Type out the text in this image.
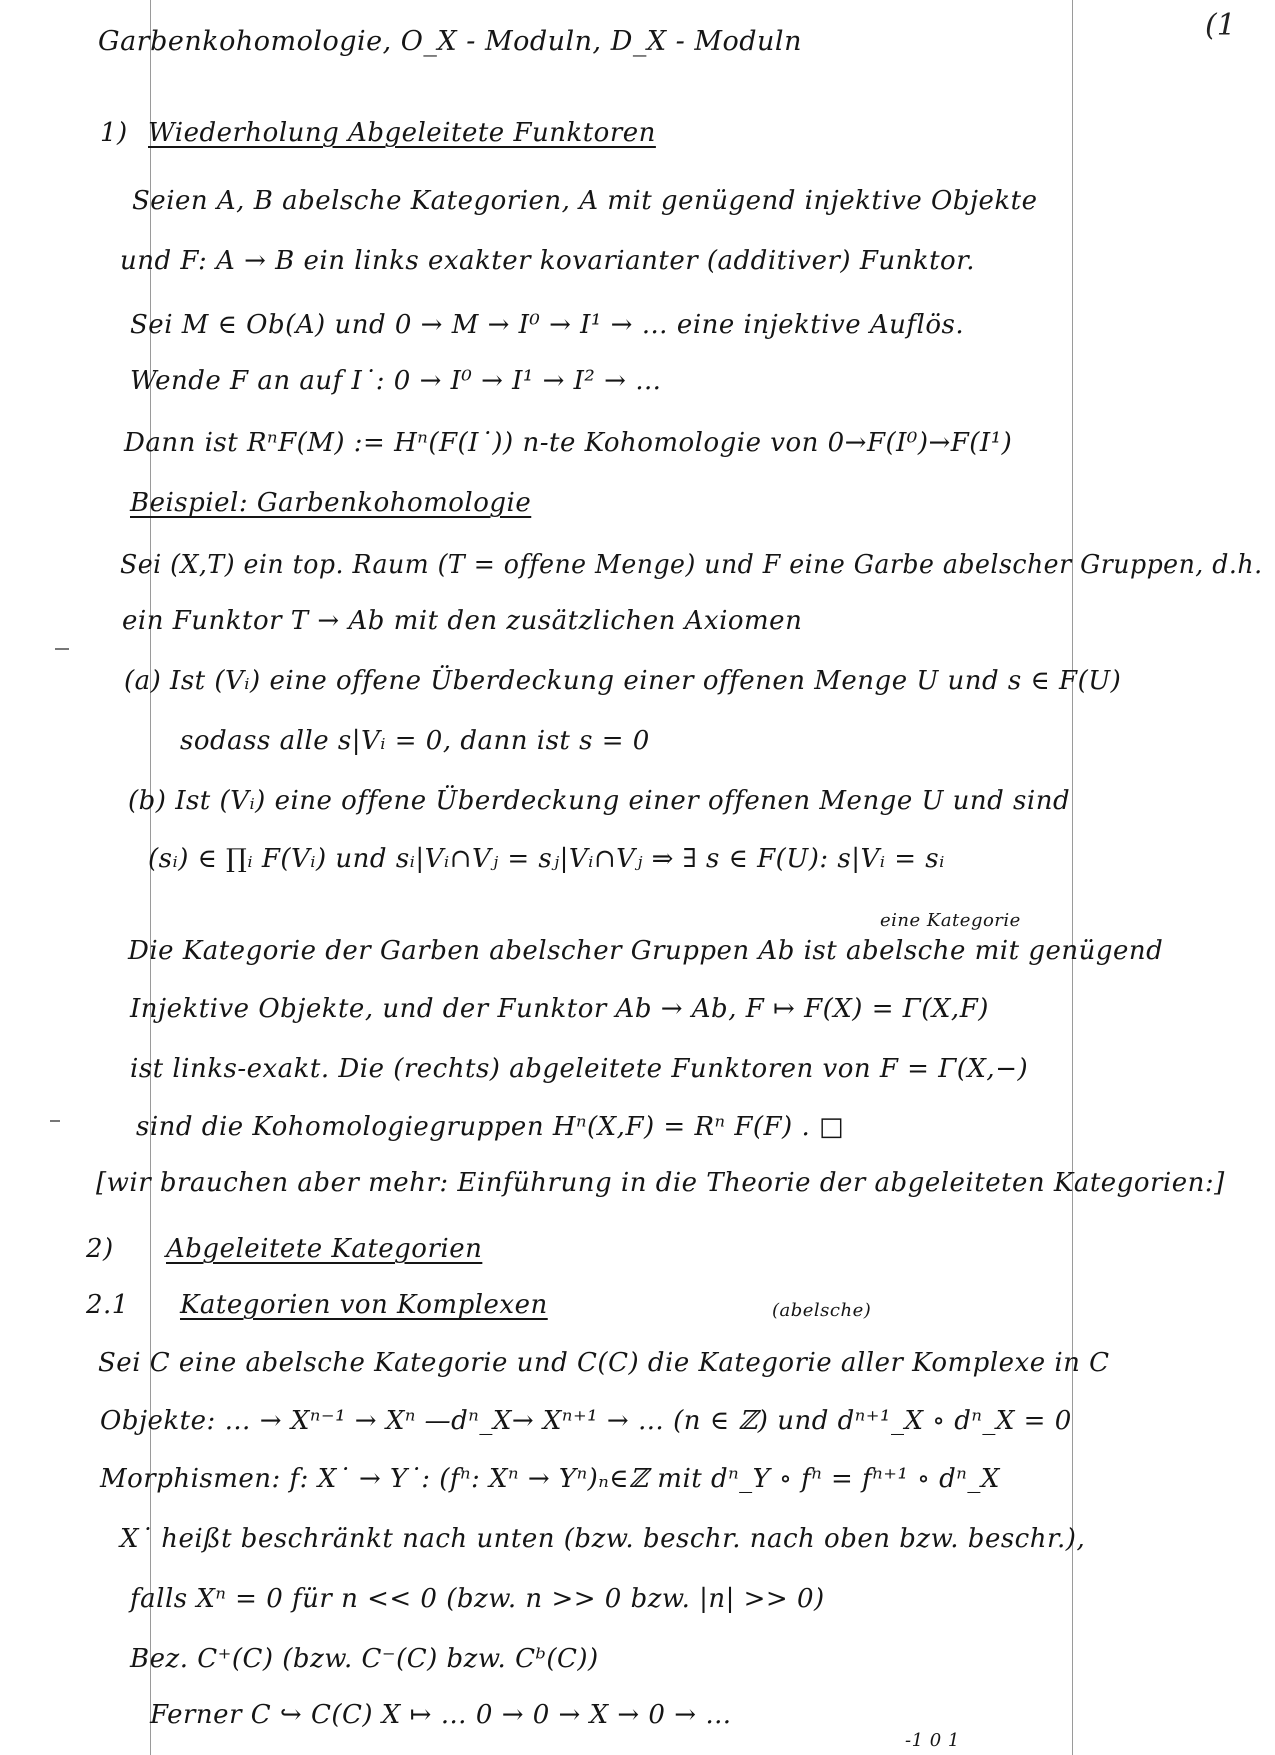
(1
Garbenkohomologie, O_X - Moduln, D_X - Moduln
1) Wiederholung Abgeleitete Funktoren
Seien A, B abelsche Kategorien, A mit genügend injektive Objekte
und F: A → B ein links exakter kovarianter (additiver) Funktor.
Sei M ∈ Ob(A) und 0 → M → I⁰ → I¹ → … eine injektive Auflös.
Wende F an auf I˙: 0 → I⁰ → I¹ → I² → …
Dann ist RⁿF(M) := Hⁿ(F(I˙)) n-te Kohomologie von 0→F(I⁰)→F(I¹)
Beispiel: Garbenkohomologie
Sei (X,T) ein top. Raum (T = offene Menge) und F eine Garbe abelscher Gruppen, d.h.
ein Funktor T → Ab mit den zusätzlichen Axiomen
(a) Ist (Vᵢ) eine offene Überdeckung einer offenen Menge U und s ∈ F(U)
sodass alle s|Vᵢ = 0, dann ist s = 0
(b) Ist (Vᵢ) eine offene Überdeckung einer offenen Menge U und sind
(sᵢ) ∈ ∏ᵢ F(Vᵢ) und sᵢ|Vᵢ∩Vⱼ = sⱼ|Vᵢ∩Vⱼ ⇒ ∃ s ∈ F(U): s|Vᵢ = sᵢ
eine Kategorie
Die Kategorie der Garben abelscher Gruppen Ab ist abelsche mit genügend
Injektive Objekte, und der Funktor Ab → Ab, F ↦ F(X) = Γ(X,F)
ist links-exakt. Die (rechts) abgeleitete Funktoren von F = Γ(X,−)
sind die Kohomologiegruppen Hⁿ(X,F) = Rⁿ F(F) . □
[wir brauchen aber mehr: Einführung in die Theorie der abgeleiteten Kategorien:]
2) Abgeleitete Kategorien
2.1 Kategorien von Komplexen	(abelsche)
Sei C eine abelsche Kategorie und C(C) die Kategorie aller Komplexe in C
Objekte: … → Xⁿ⁻¹ → Xⁿ —dⁿ_X→ Xⁿ⁺¹ → … (n ∈ ℤ) und dⁿ⁺¹_X ∘ dⁿ_X = 0
Morphismen: f: X˙ → Y˙: (fⁿ: Xⁿ → Yⁿ)ₙ∈ℤ mit dⁿ_Y ∘ fⁿ = fⁿ⁺¹ ∘ dⁿ_X
X˙ heißt beschränkt nach unten (bzw. beschr. nach oben bzw. beschr.),
falls Xⁿ = 0 für n << 0 (bzw. n >> 0 bzw. |n| >> 0)
Bez. C⁺(C) (bzw. C⁻(C) bzw. Cᵇ(C))
Ferner C ↪ C(C) X ↦ … 0 → 0 → X → 0 → …
-1 0 1
